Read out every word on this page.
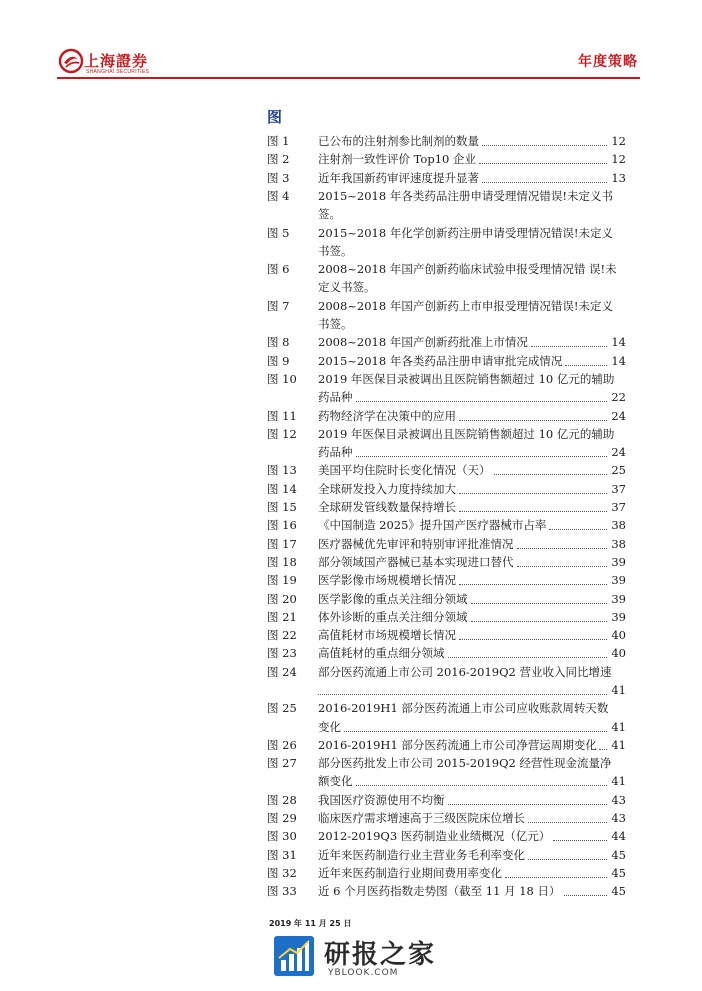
上海證券
SHANGHAI SECURITIES
年度策略
图
图 1 已公布的注射剂参比制剂的数量	12
图 2 注射剂一致性评价 Top10 企业	12
图 3 近年我国新药审评速度提升显著	13
图 4 2015~2018 年各类药品注册申请受理情况错误!未定义书
签。
图 5 2015~2018 年化学创新药注册申请受理情况错误!未定义
书签。
图 6 2008~2018 年国产创新药临床试验申报受理情况错 误!未
定义书签。
图 7 2008~2018 年国产创新药上市申报受理情况错误!未定义
书签。
图 8 2008~2018 年国产创新药批准上市情况	14
图 9 2015~2018 年各类药品注册申请审批完成情况	14
图 10 2019 年医保目录被调出且医院销售额超过 10 亿元的辅助
药品种	22
图 11 药物经济学在决策中的应用	24
图 12 2019 年医保目录被调出且医院销售额超过 10 亿元的辅助
药品种	24
图 13 美国平均住院时长变化情况（天）	25
图 14 全球研发投入力度持续加大	37
图 15 全球研发管线数量保持增长	37
图 16 《中国制造 2025》提升国产医疗器械市占率	38
图 17 医疗器械优先审评和特别审评批准情况	38
图 18 部分领域国产器械已基本实现进口替代	39
图 19 医学影像市场规模增长情况	39
图 20 医学影像的重点关注细分领域	39
图 21 体外诊断的重点关注细分领域	39
图 22 高值耗材市场规模增长情况	40
图 23 高值耗材的重点细分领域	40
图 24 部分医药流通上市公司 2016-2019Q2 营业收入同比增速
41
图 25 2016-2019H1 部分医药流通上市公司应收账款周转天数
变化	41
图 26 2016-2019H1 部分医药流通上市公司净营运周期变化 41
图 27 部分医药批发上市公司 2015-2019Q2 经营性现金流量净
额变化	41
图 28 我国医疗资源使用不均衡	43
图 29 临床医疗需求增速高于三级医院床位增长	43
图 30 2012-2019Q3 医药制造业业绩概况（亿元）	44
图 31 近年来医药制造行业主营业务毛利率变化	45
图 32 近年来医药制造行业期间费用率变化	45
图 33 近 6 个月医药指数走势图（截至 11 月 18 日）	45
2019 年 11 月 25 日
研报之家
YBLOOK.COM
